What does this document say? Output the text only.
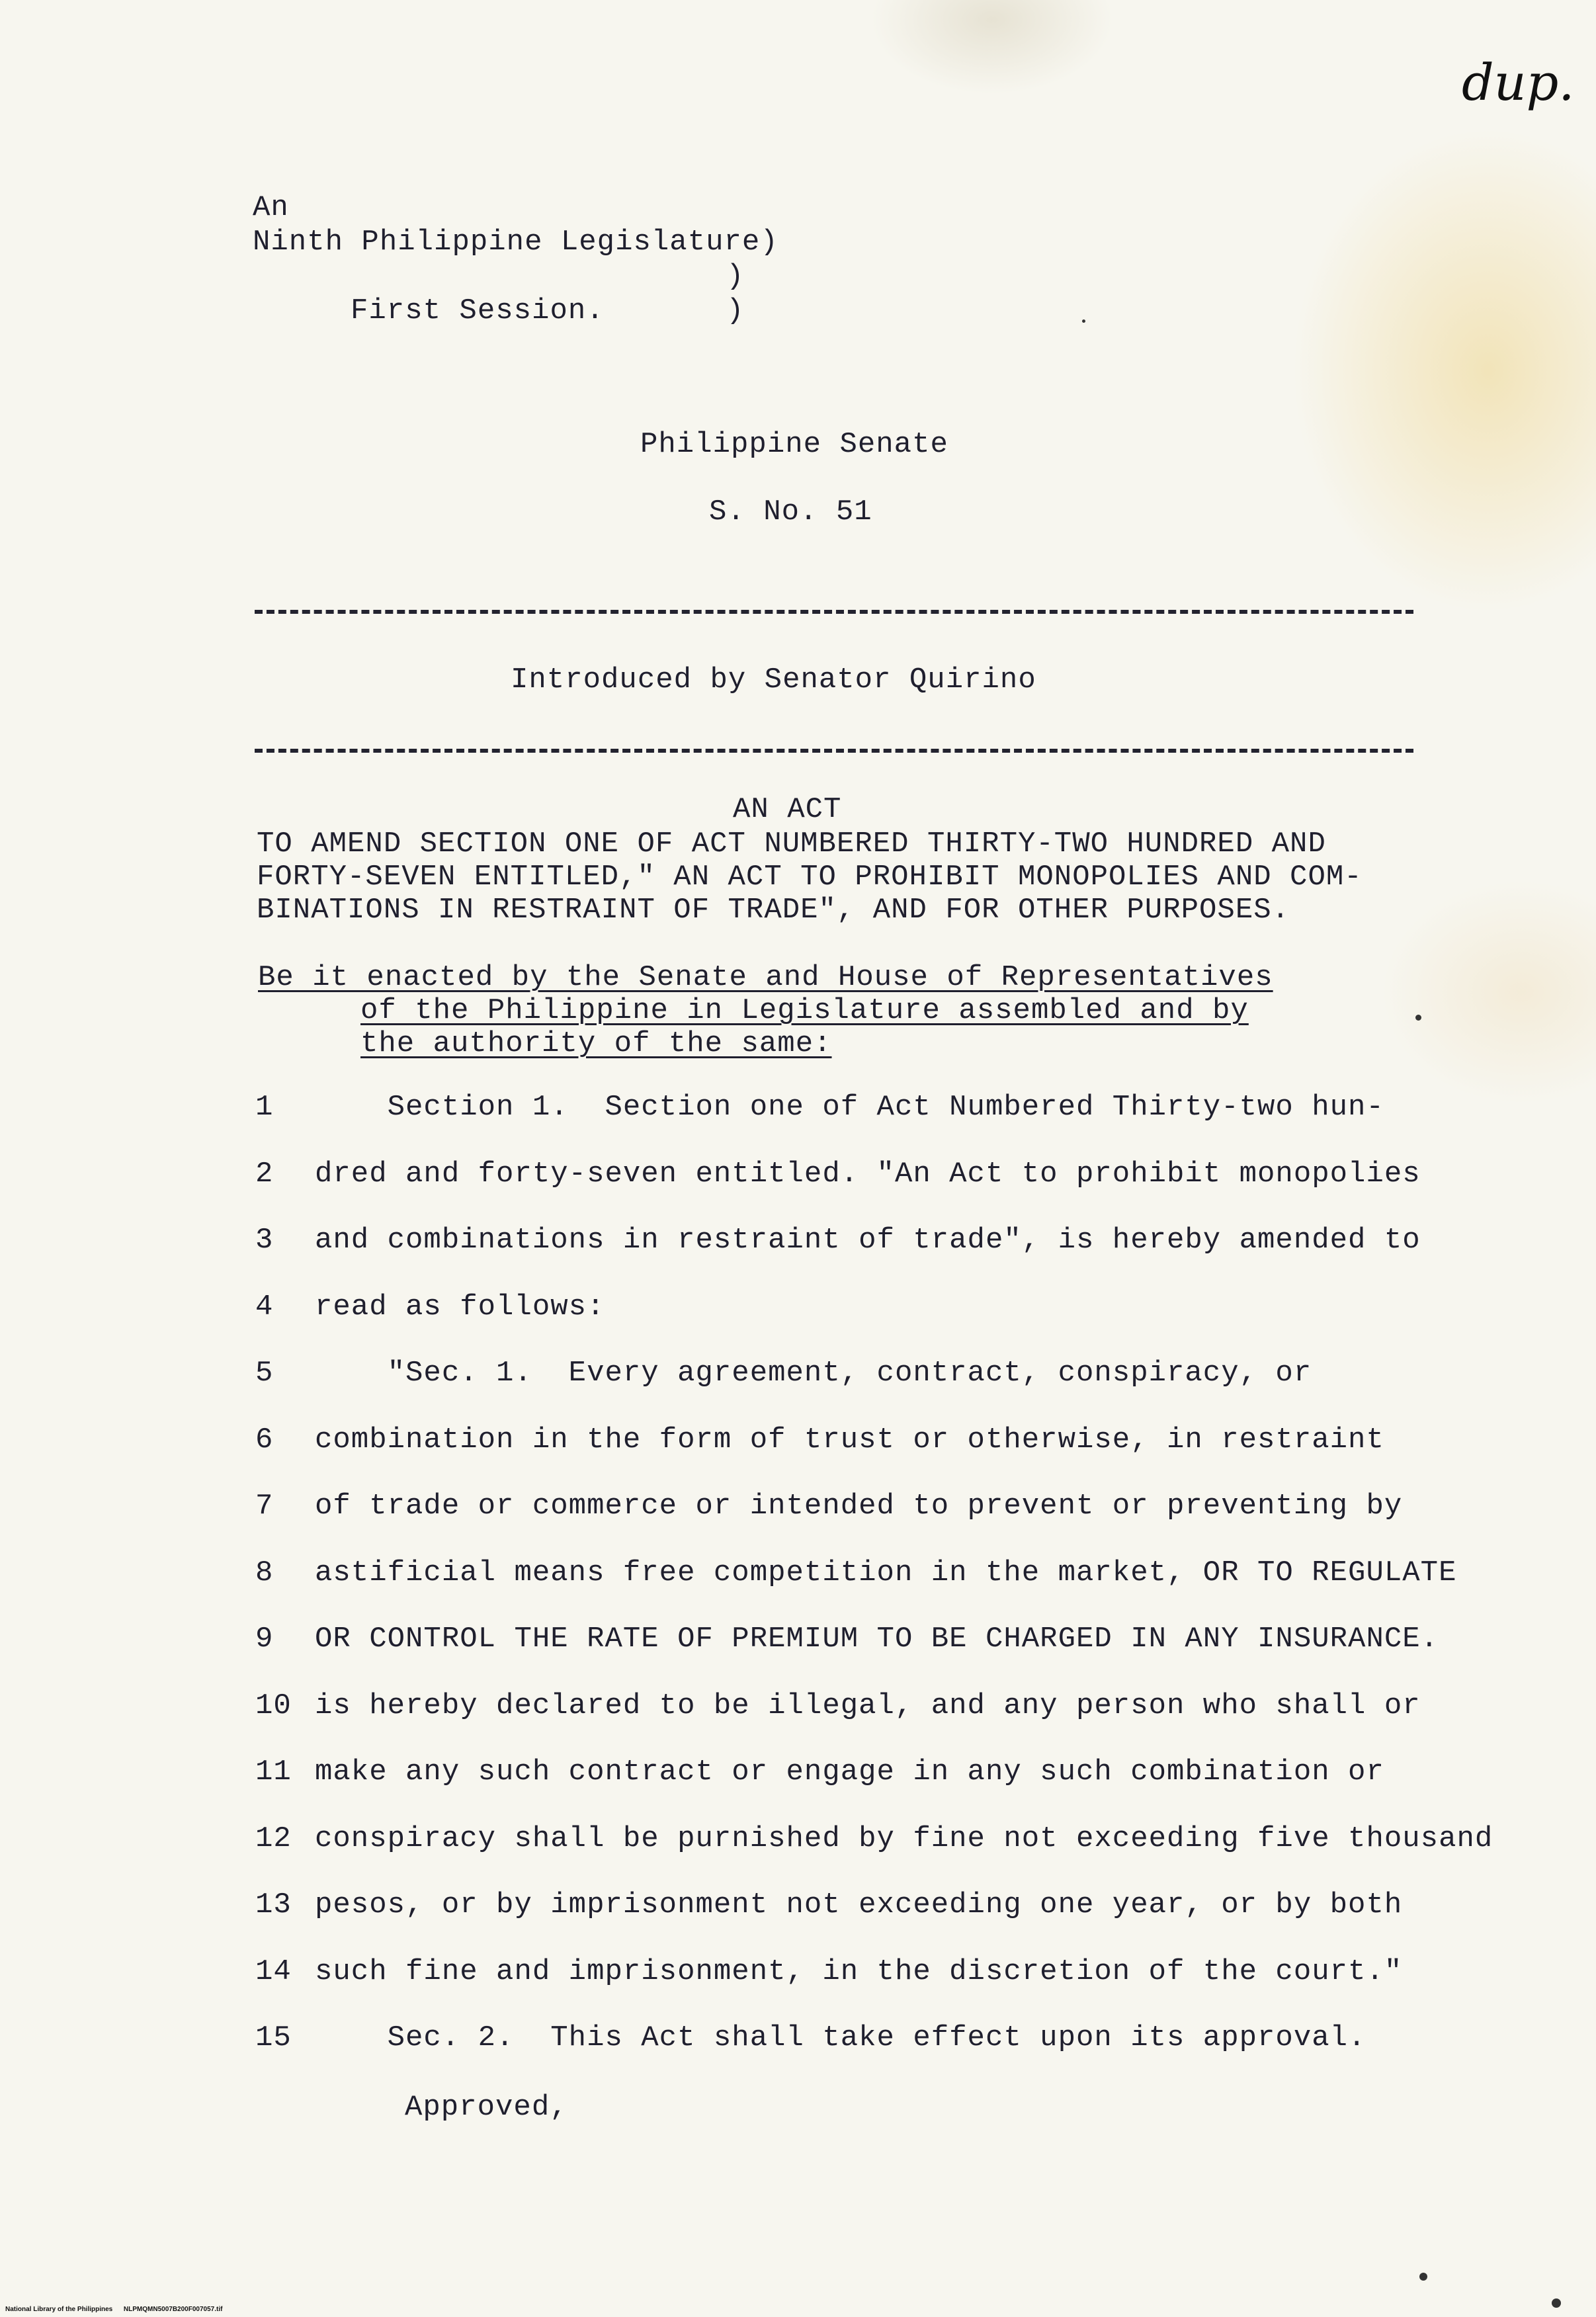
dup.
An
Ninth Philippine Legislature)
)
First Session.	)
Philippine Senate
S. No. 51
Introduced by Senator Quirino
AN ACT
TO AMEND SECTION ONE OF ACT NUMBERED THIRTY-TWO HUNDRED AND
FORTY-SEVEN ENTITLED," AN ACT TO PROHIBIT MONOPOLIES AND COM-
BINATIONS IN RESTRAINT OF TRADE", AND FOR OTHER PURPOSES.
Be it enacted by the Senate and House of Representatives
of the Philippine in Legislature assembled and by
the authority of the same:
1	Section 1.  Section one of Act Numbered Thirty-two hun-
2	dred and forty-seven entitled. "An Act to prohibit monopolies
3	and combinations in restraint of trade", is hereby amended to
4	read as follows:
5	"Sec. 1.  Every agreement, contract, conspiracy, or
6	combination in the form of trust or otherwise, in restraint
7	of trade or commerce or intended to prevent or preventing by
8	astificial means free competition in the market, OR TO REGULATE
9	OR CONTROL THE RATE OF PREMIUM TO BE CHARGED IN ANY INSURANCE.
10 is hereby declared to be illegal, and any person who shall or
11 make any such contract or engage in any such combination or
12 conspiracy shall be purnished by fine not exceeding five thousand
13 pesos, or by imprisonment not exceeding one year, or by both
14 such fine and imprisonment, in the discretion of the court."
15 Sec. 2.  This Act shall take effect upon its approval.
Approved,
National Library of the Philippines NLPMQMN5007B200F007057.tif
